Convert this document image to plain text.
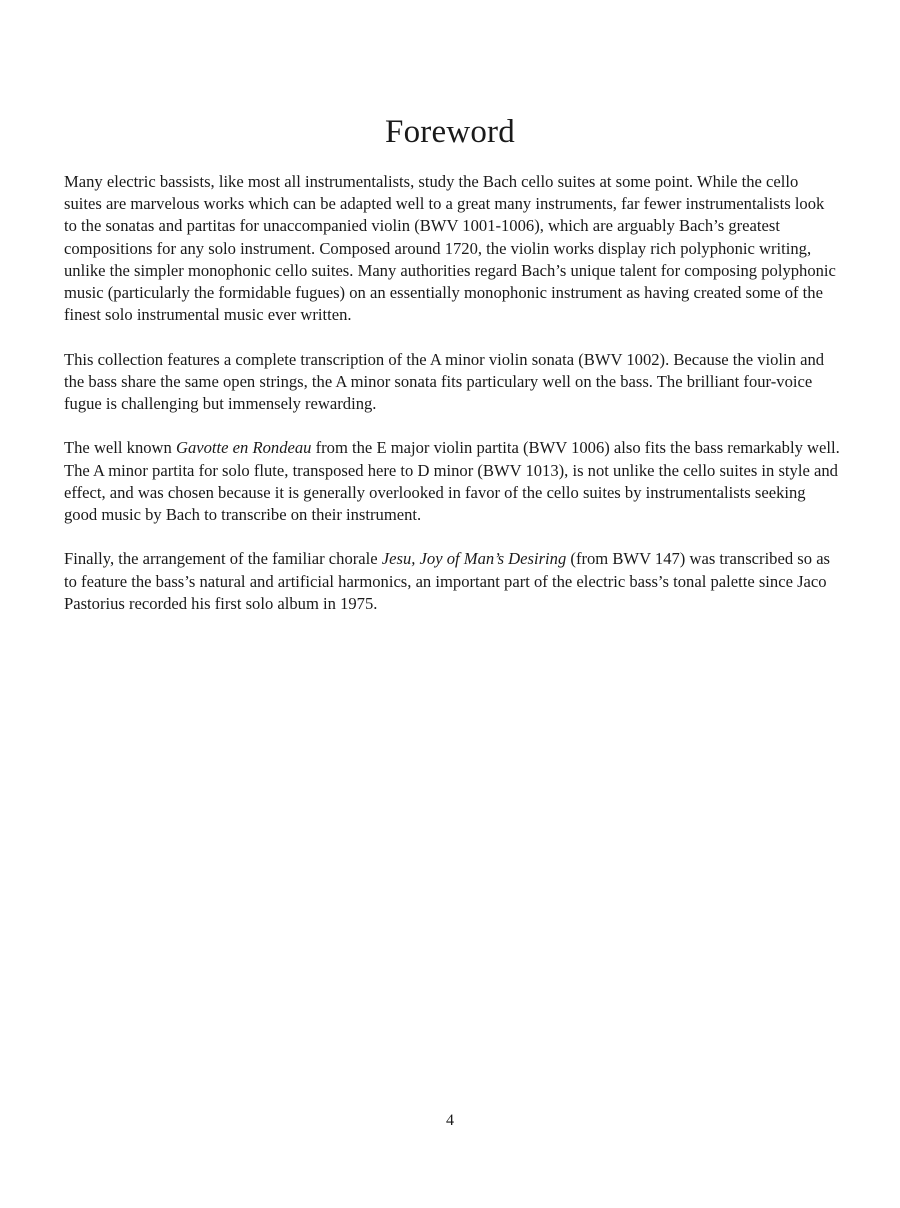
Foreword

Many electric bassists, like most all instrumentalists, study the Bach cello suites at some point. While the cello suites are marvelous works which can be adapted well to a great many instruments, far fewer instrumentalists look to the sonatas and partitas for unaccompanied violin (BWV 1001-1006), which are arguably Bach’s greatest compositions for any solo instrument. Composed around 1720, the violin works display rich polyphonic writing, unlike the simpler monophonic cello suites. Many authorities regard Bach’s unique talent for composing polyphonic music (particularly the formidable fugues) on an essentially monophonic instrument as having created some of the finest solo instrumental music ever written.

This collection features a complete transcription of the A minor violin sonata (BWV 1002). Because the violin and the bass share the same open strings, the A minor sonata fits particulary well on the bass. The brilliant four-voice fugue is challenging but immensely rewarding.

The well known Gavotte en Rondeau from the E major violin partita (BWV 1006) also fits the bass remarkably well. The A minor partita for solo flute, transposed here to D minor (BWV 1013), is not unlike the cello suites in style and effect, and was chosen because it is generally overlooked in favor of the cello suites by instrumentalists seeking good music by Bach to transcribe on their instrument.

Finally, the arrangement of the familiar chorale Jesu, Joy of Man’s Desiring (from BWV 147) was transcribed so as to feature the bass’s natural and artificial harmonics, an important part of the electric bass’s tonal palette since Jaco Pastorius recorded his first solo album in 1975.

4
